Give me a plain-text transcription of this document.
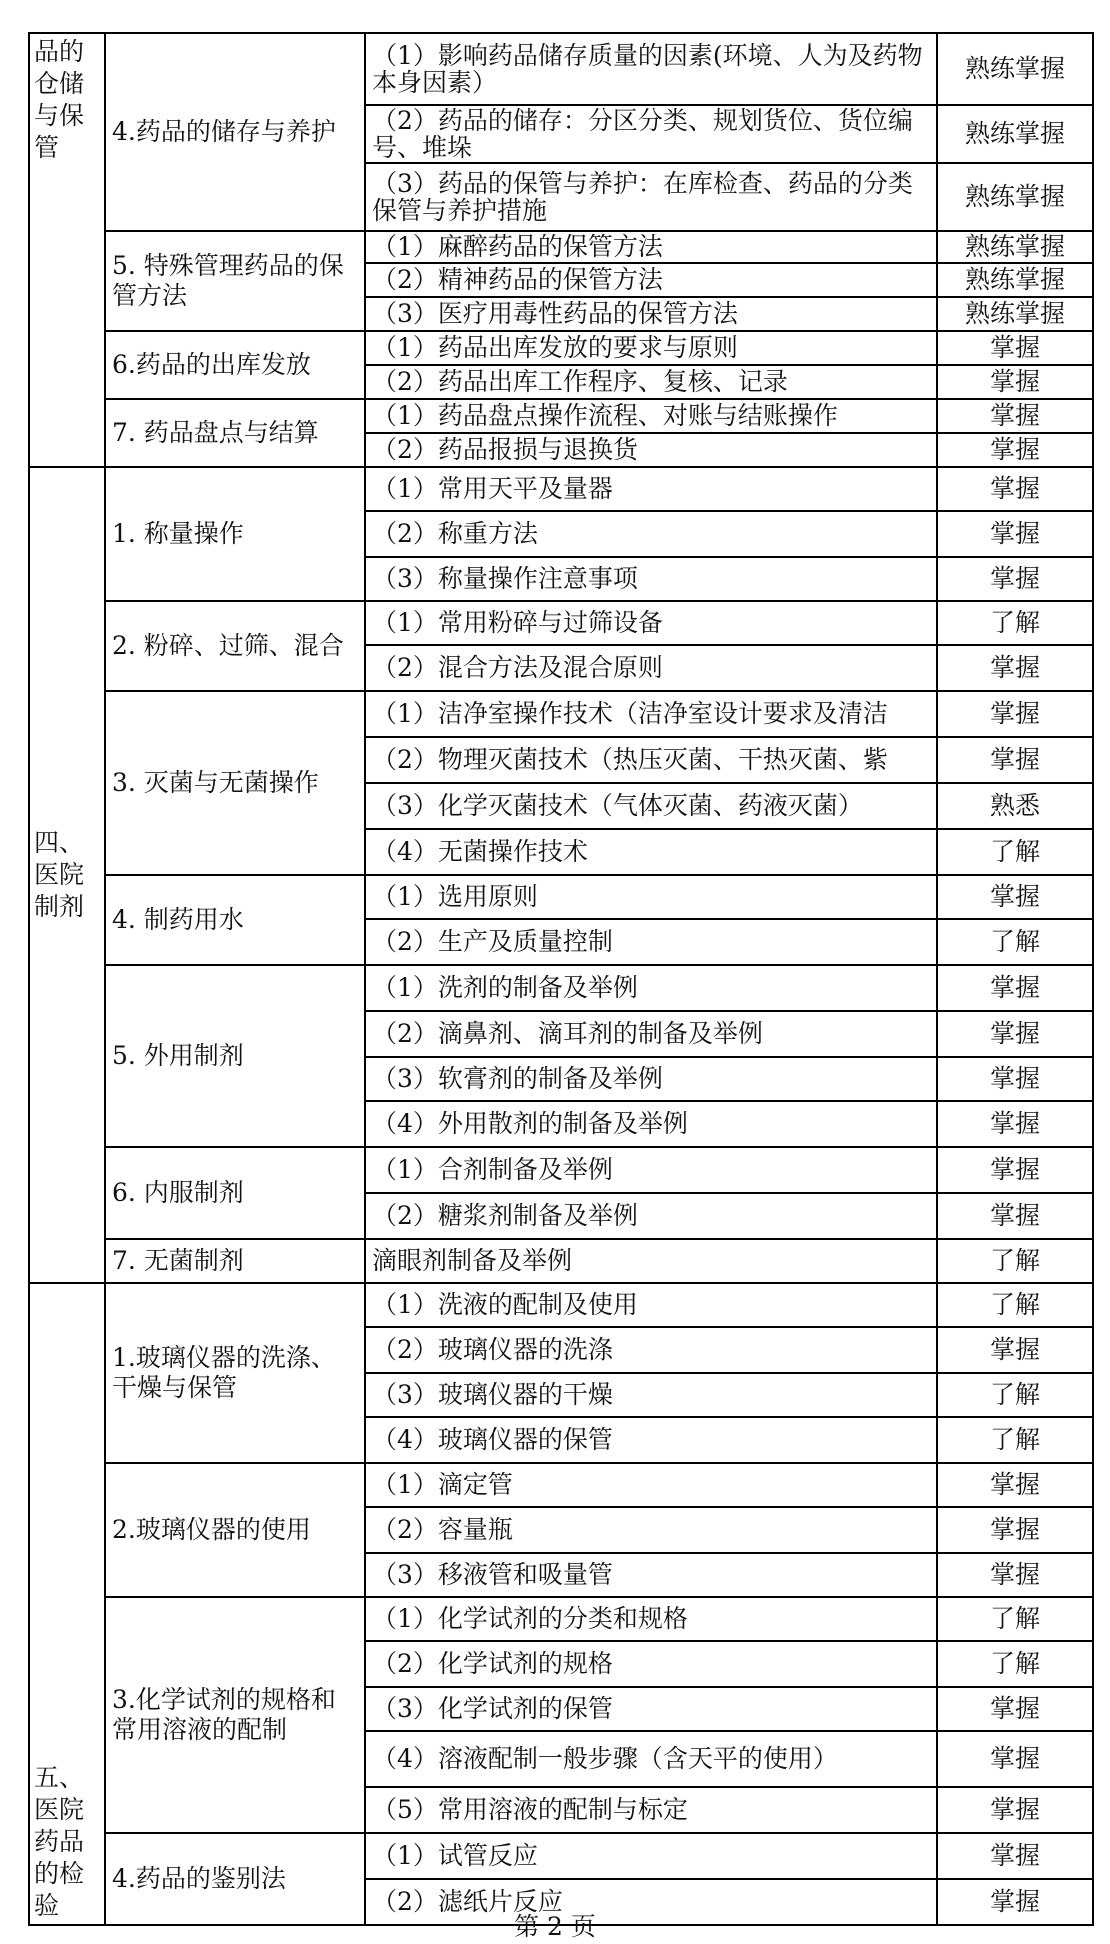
品的仓储与保管	4.药品的储存与养护	（1）影响药品储存质量的因素(环境、人为及药物本身因素）	熟练掌握
		（2）药品的储存：分区分类、规划货位、货位编号、堆垛	熟练掌握
		（3）药品的保管与养护：在库检查、药品的分类保管与养护措施	熟练掌握
	5. 特殊管理药品的保管方法	（1）麻醉药品的保管方法	熟练掌握
		（2）精神药品的保管方法	熟练掌握
		（3）医疗用毒性药品的保管方法	熟练掌握
	6.药品的出库发放	（1）药品出库发放的要求与原则	掌握
		（2）药品出库工作程序、复核、记录	掌握
	7. 药品盘点与结算	（1）药品盘点操作流程、对账与结账操作	掌握
		（2）药品报损与退换货	掌握
四、医院制剂	1. 称量操作	（1）常用天平及量器	掌握
		（2）称重方法	掌握
		（3）称量操作注意事项	掌握
	2. 粉碎、过筛、混合	（1）常用粉碎与过筛设备	了解
		（2）混合方法及混合原则	掌握
	3. 灭菌与无菌操作	（1）洁净室操作技术（洁净室设计要求及清洁	掌握
		（2）物理灭菌技术（热压灭菌、干热灭菌、紫	掌握
		（3）化学灭菌技术（气体灭菌、药液灭菌）	熟悉
		（4）无菌操作技术	了解
	4. 制药用水	（1）选用原则	掌握
		（2）生产及质量控制	了解
	5. 外用制剂	（1）洗剂的制备及举例	掌握
		（2）滴鼻剂、滴耳剂的制备及举例	掌握
		（3）软膏剂的制备及举例	掌握
		（4）外用散剂的制备及举例	掌握
	6. 内服制剂	（1）合剂制备及举例	掌握
		（2）糖浆剂制备及举例	掌握
	7. 无菌制剂	滴眼剂制备及举例	了解
五、医院药品的检验	1.玻璃仪器的洗涤、干燥与保管	（1）洗液的配制及使用	了解
		（2）玻璃仪器的洗涤	掌握
		（3）玻璃仪器的干燥	了解
		（4）玻璃仪器的保管	了解
	2.玻璃仪器的使用	（1）滴定管	掌握
		（2）容量瓶	掌握
		（3）移液管和吸量管	掌握
	3.化学试剂的规格和常用溶液的配制	（1）化学试剂的分类和规格	了解
		（2）化学试剂的规格	了解
		（3）化学试剂的保管	掌握
		（4）溶液配制一般步骤（含天平的使用）	掌握
		（5）常用溶液的配制与标定	掌握
	4.药品的鉴别法	（1）试管反应	掌握
		（2）滤纸片反应	掌握
第 2 页
